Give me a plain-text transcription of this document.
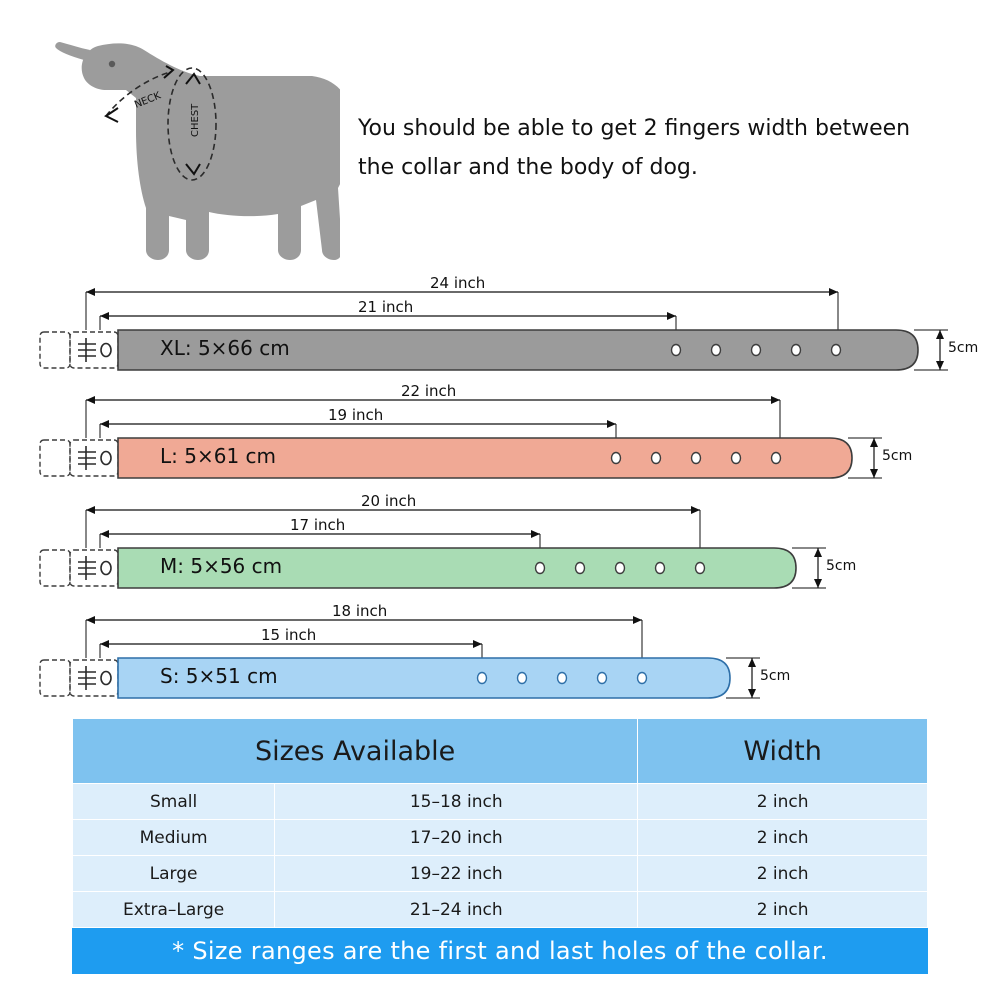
NECK
CHEST	You should be able to get 2 fingers width between
the collar and the body of dog.
24 inch
21 inch
XL: 5×66 cm	5cm
22 inch
19 inch
L: 5×61 cm	5cm
20 inch
17 inch
M: 5×56 cm	5cm
18 inch
15 inch
S: 5×51 cm	5cm
Sizes Available		Width
Small	15–18 inch	2 inch
Medium	17–20 inch	2 inch
Large	19–22 inch	2 inch
Extra–Large	21–24 inch	2 inch
* Size ranges are the first and last holes of the collar.
